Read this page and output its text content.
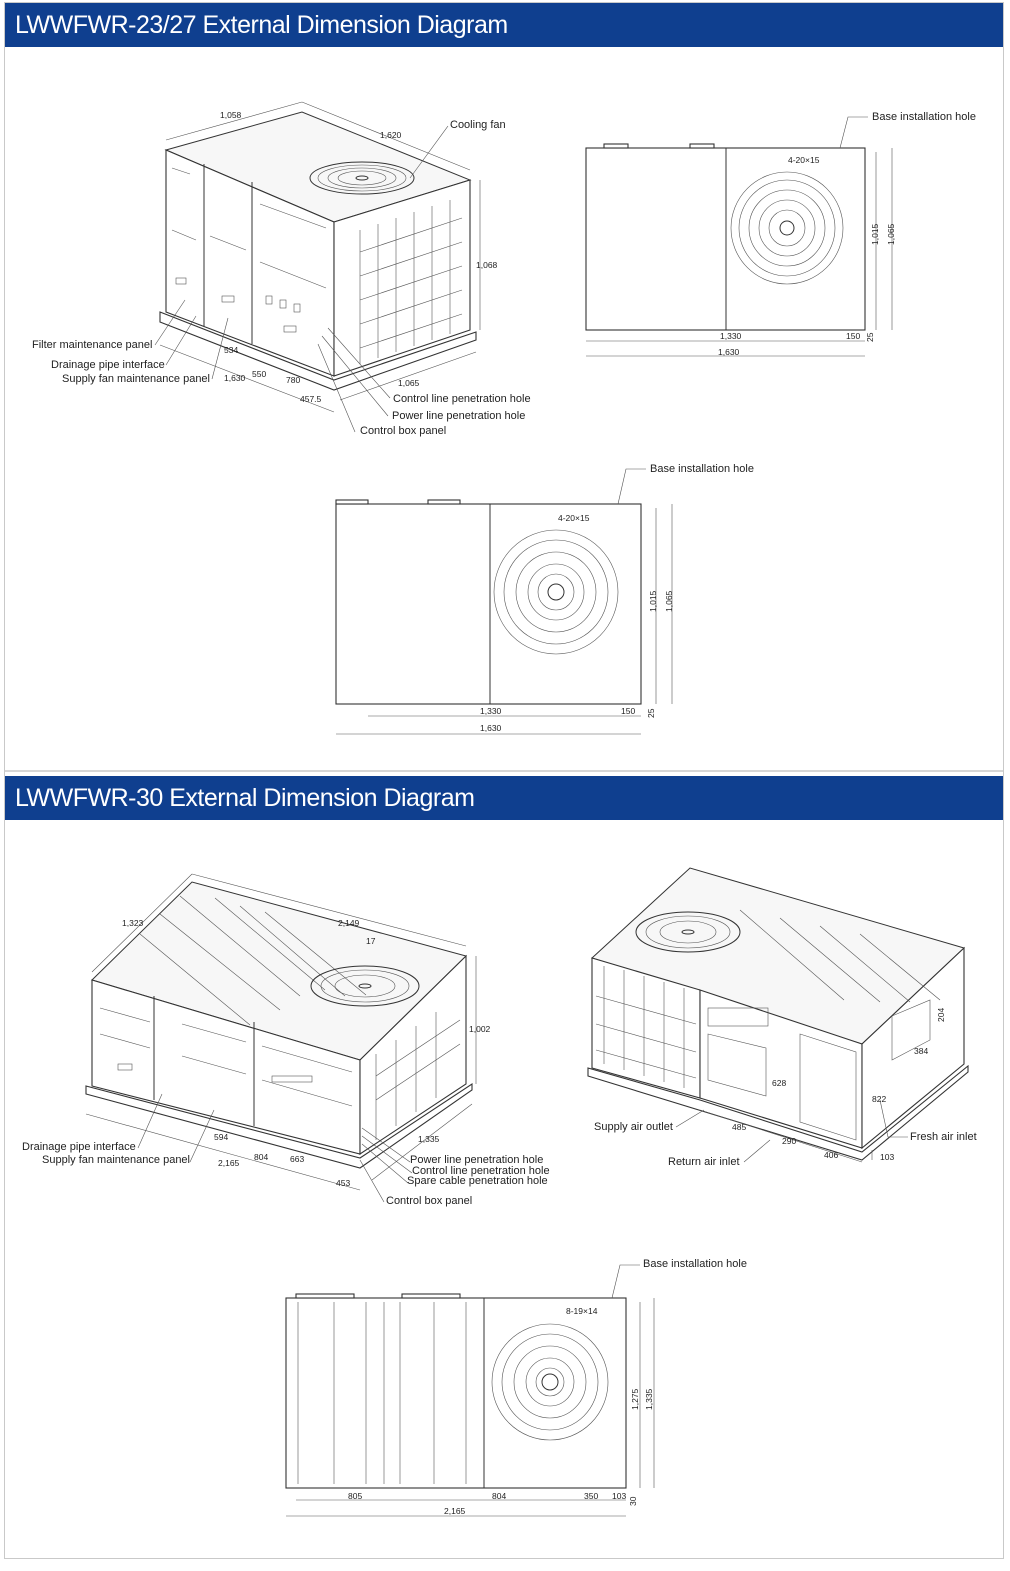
LWWFWR-23/27 External Dimension Diagram
LWWFWR-30 External Dimension Diagram
1,058
1,620
1,068
534
1,630 550
780
457.5
1,065
Cooling fan
Filter maintenance panel
Drainage pipe interface
Supply fan maintenance panel
Control line penetration hole
Power line penetration hole
Control box panel
Base installation hole
4-20×15
1,015 1,065
1,330	150 25
1,630
Base installation hole
4-20×15
1,015 1,065
1,330	150 25
1,630
1,323	2,149
17
1,002
594
2,165
804	663
1,335
453
Drainage pipe interface
Supply fan maintenance panel	Power line penetration hole
Control line penetration hole
Spare cable penetration hole
Control box panel
204
384
628
822
485
290
406	103
Supply air outlet
Return air inlet
Fresh air inlet
Base installation hole
8-19×14
1,275 1,335
805	804	350 103
30
2,165
